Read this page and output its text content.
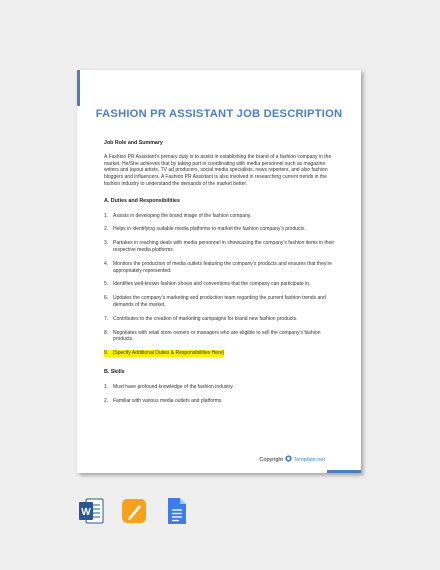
FASHION PR ASSISTANT JOB DESCRIPTION

Job Role and Summary

A Fashion PR Assistant’s primary duty is to assist in establishing the brand of a fashion company in the market. He/She achieves that by taking part in coordinating with media personnel such as magazine writers and layout artists, TV ad producers, social media specialists, news reporters, and also fashion bloggers and influencers. A Fashion PR Assistant is also involved in researching current trends in the fashion industry to understand the demands of the market better.

A. Duties and Responsibilities

1. Assists in developing the brand image of the fashion company.
2. Helps in identifying suitable media platforms to market the fashion company’s products.
3. Partakes in reaching deals with media personnel in showcasing the company’s fashion items in their respective media platforms.
4. Monitors the production of media outlets featuring the company’s products and ensures that they’re appropriately represented.
5. Identifies well-known fashion shows and conventions that the company can participate in.
6. Updates the company’s marketing and production team regarding the current fashion trends and demands of the market.
7. Contributes to the creation of marketing campaigns for brand new fashion products.
8. Negotiates with retail store owners or managers who are eligible to sell the company’s fashion products.
9. [Specify Additional Duties & Responsibilities Here]

B. Skills

1. Must have profound knowledge of the fashion industry.
2. Familiar with various media outlets and platforms.
Copyright Template.net
W
